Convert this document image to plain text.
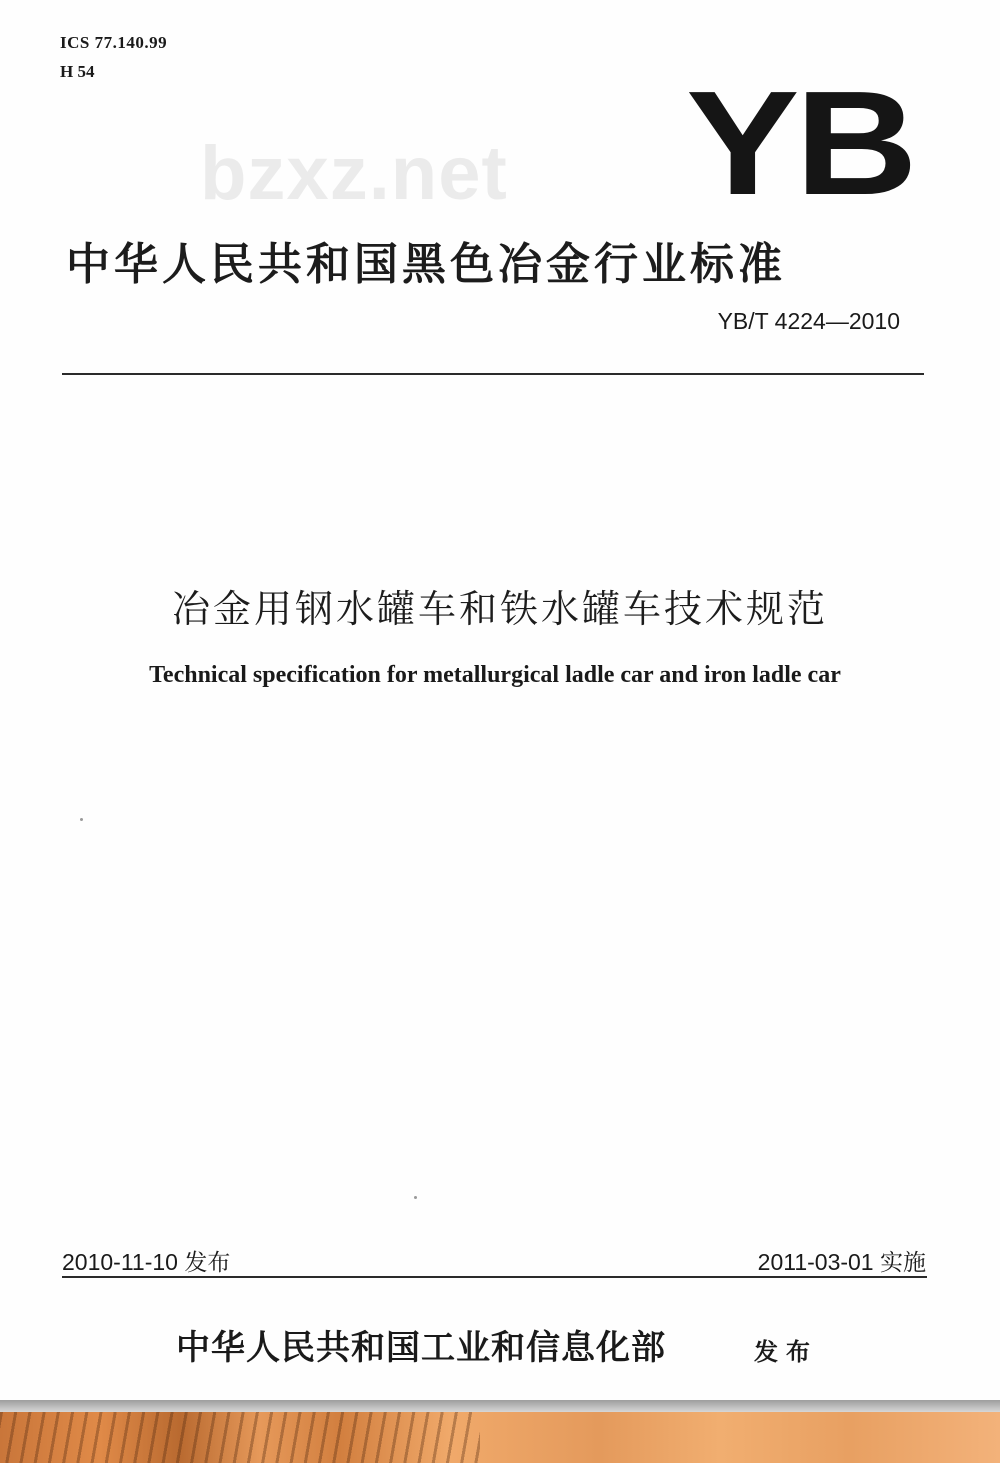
ICS 77.140.99
H 54	YB
bzxz.net
中华人民共和国黑色冶金行业标准
YB/T 4224—2010
冶金用钢水罐车和铁水罐车技术规范
Technical specification for metallurgical ladle car and iron ladle car
2010-11-10 发布	2011-03-01 实施
中华人民共和国工业和信息化部	发布
